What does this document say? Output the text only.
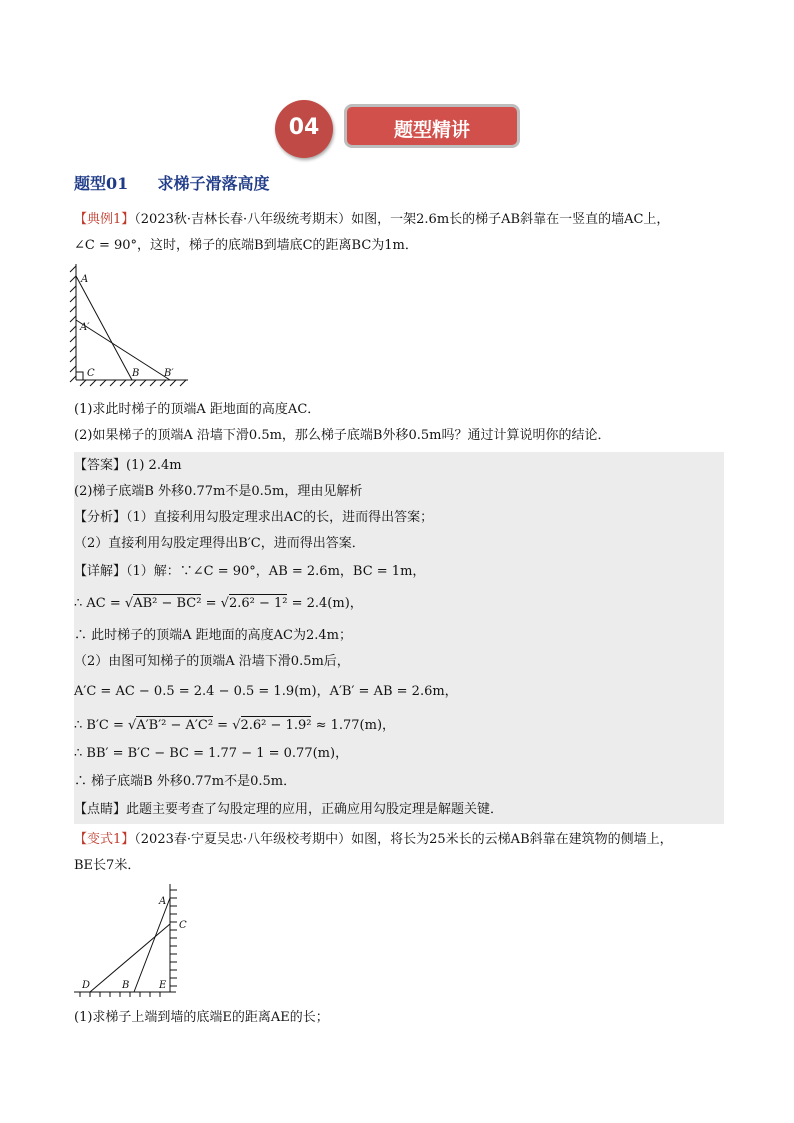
04	题型精讲
题型01 求梯子滑落高度
【典例1】（2023秋·吉林长春·八年级统考期末）如图，一架2.6m长的梯子AB斜靠在一竖直的墙AC上，
∠C = 90°，这时，梯子的底端B到墙底C的距离BC为1m．
A
A′
C	B B′
(1)求此时梯子的顶端A 距地面的高度AC．
(2)如果梯子的顶端A 沿墙下滑0.5m，那么梯子底端B外移0.5m吗？通过计算说明你的结论．
【答案】(1) 2.4m
(2)梯子底端B 外移0.77m不是0.5m，理由见解析
【分析】（1）直接利用勾股定理求出AC的长，进而得出答案；
（2）直接利用勾股定理得出B′C，进而得出答案．
【详解】（1）解：∵∠C = 90°，AB = 2.6m，BC = 1m，
∴ AC = √AB² − BC² = √2.6² − 1² = 2.4(m)，
∴ 此时梯子的顶端A 距地面的高度AC为2.4m；
（2）由图可知梯子的顶端A 沿墙下滑0.5m后，
A′C = AC − 0.5 = 2.4 − 0.5 = 1.9(m)，A′B′ = AB = 2.6m，
∴ B′C = √A′B′² − A′C² = √2.6² − 1.9² ≈ 1.77(m)，
∴ BB′ = B′C − BC = 1.77 − 1 = 0.77(m)，
∴ 梯子底端B 外移0.77m不是0.5m．
【点睛】此题主要考查了勾股定理的应用，正确应用勾股定理是解题关键．
【变式1】（2023春·宁夏吴忠·八年级校考期中）如图，将长为25米长的云梯AB斜靠在建筑物的侧墙上，
BE长7米．
A
C
D	B	E
(1)求梯子上端到墙的底端E的距离AE的长；
